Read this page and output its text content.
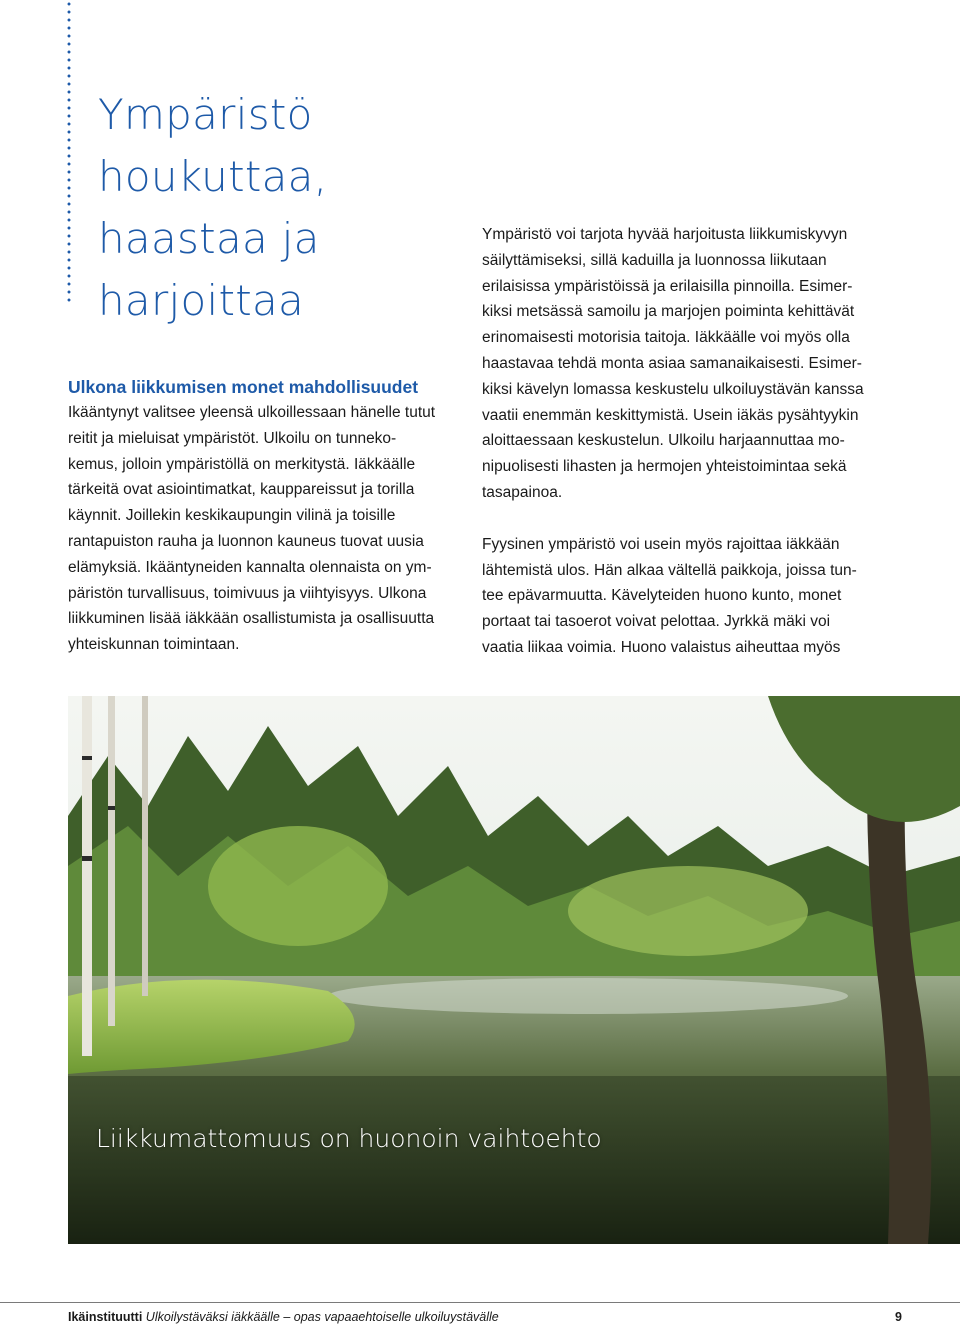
Ympäristö
houkuttaa,
haastaa ja
harjoittaa
Ulkona liikkumisen monet mahdollisuudet
Ikääntynyt valitsee yleensä ulkoillessaan hänelle tutut
reitit ja mieluisat ympäristöt. Ulkoilu on tunneko-
kemus, jolloin ympäristöllä on merkitystä. Iäkkäälle
tärkeitä ovat asiointimatkat, kauppareissut ja torilla
käynnit. Joillekin keskikaupungin vilinä ja toisille
rantapuiston rauha ja luonnon kauneus tuovat uusia
elämyksiä. Ikääntyneiden kannalta olennaista on ym-
päristön turvallisuus, toimivuus ja viihtyisyys. Ulkona
liikkuminen lisää iäkkään osallistumista ja osallisuutta
yhteiskunnan toimintaan.
Ympäristö voi tarjota hyvää harjoitusta liikkumiskyvyn
säilyttämiseksi, sillä kaduilla ja luonnossa liikutaan
erilaisissa ympäristöissä ja erilaisilla pinnoilla. Esimer-
kiksi metsässä samoilu ja marjojen poiminta kehittävät
erinomaisesti motorisia taitoja. Iäkkäälle voi myös olla
haastavaa tehdä monta asiaa samanaikaisesti. Esimer-
kiksi kävelyn lomassa keskustelu ulkoiluystävän kanssa
vaatii enemmän keskittymistä. Usein iäkäs pysähtyykin
aloittaessaan keskustelun. Ulkoilu harjaannuttaa mo-
nipuolisesti lihasten ja hermojen yhteistoimintaa sekä
tasapainoa.
Fyysinen ympäristö voi usein myös rajoittaa iäkkään
lähtemistä ulos. Hän alkaa vältellä paikkoja, joissa tun-
tee epävarmuutta. Kävelyteiden huono kunto, monet
portaat tai tasoerot voivat pelottaa. Jyrkkä mäki voi
vaatia liikaa voimia. Huono valaistus aiheuttaa myös
Liikkumattomuus on huonoin vaihtoehto
Ikäinstituutti Ulkoilystäväksi iäkkäälle – opas vapaaehtoiselle ulkoiluystävälle	9
